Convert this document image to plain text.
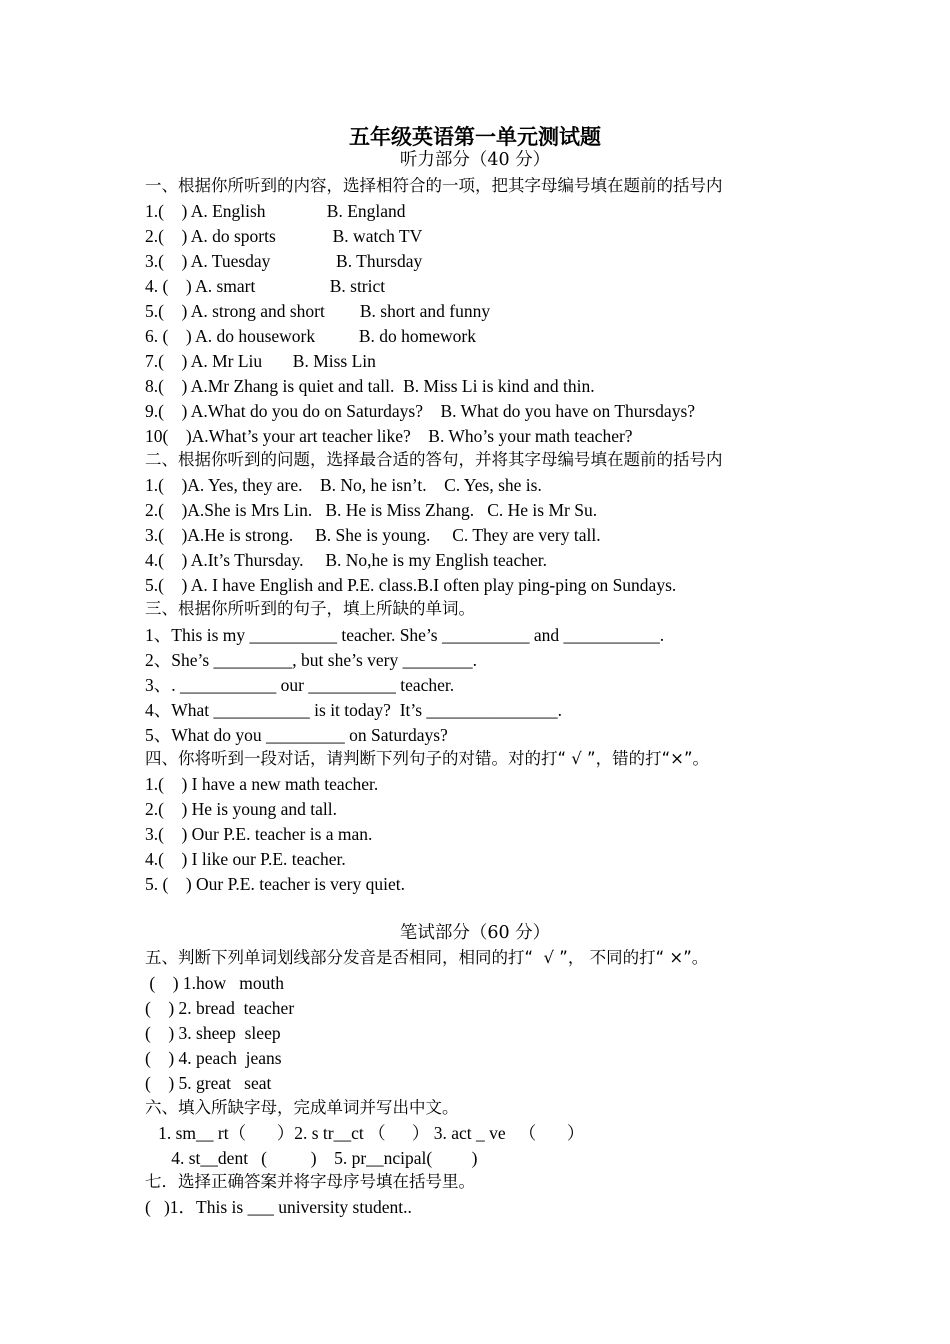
五年级英语第一单元测试题
听力部分（40 分）
一、根据你所听到的内容，选择相符合的一项，把其字母编号填在题前的括号内
1.(    ) A. English              B. England
2.(    ) A. do sports             B. watch TV
3.(    ) A. Tuesday               B. Thursday
4. (    ) A. smart                 B. strict
5.(    ) A. strong and short        B. short and funny
6. (    ) A. do housework          B. do homework
7.(    ) A. Mr Liu       B. Miss Lin
8.(    ) A.Mr Zhang is quiet and tall.  B. Miss Li is kind and thin.
9.(    ) A.What do you do on Saturdays?    B. What do you have on Thursdays?
10(    )A.What’s your art teacher like?    B. Who’s your math teacher?
二、根据你听到的问题，选择最合适的答句，并将其字母编号填在题前的括号内
1.(    )A. Yes, they are.    B. No, he isn’t.    C. Yes, she is.
2.(    )A.She is Mrs Lin.   B. He is Miss Zhang.   C. He is Mr Su.
3.(    )A.He is strong.     B. She is young.     C. They are very tall.
4.(    ) A.It’s Thursday.     B. No,he is my English teacher.
5.(    ) A. I have English and P.E. class.B.I often play ping-ping on Sundays.
三、根据你所听到的句子，填上所缺的单词。
1、This is my __________ teacher. She’s __________ and ___________.
2、She’s _________, but she’s very ________.
3、. ___________ our __________ teacher.
4、What ___________ is it today?  It’s _______________.
5、What do you _________ on Saturdays?
四、你将听到一段对话，请判断下列句子的对错。对的打“ √ ”，错的打“×”。
1.(    ) I have a new math teacher.
2.(    ) He is young and tall.
3.(    ) Our P.E. teacher is a man.
4.(    ) I like our P.E. teacher.
5. (    ) Our P.E. teacher is very quiet.
笔试部分（60 分）
五、判断下列单词划线部分发音是否相同，相同的打“  √ ”， 不同的打“ ×”。
(    ) 1.how   mouth
(    ) 2. bread  teacher
(    ) 3. sheep  sleep
(    ) 4. peach  jeans
(    ) 5. great   seat
六、填入所缺字母，完成单词并写出中文。
1. sm__ rt（       ）2. s tr__ct （      ） 3. act _ ve   （       ）
4. st__dent   (          )    5. pr__ncipal(         )
七．选择正确答案并将字母序号填在括号里。
(   )1．This is ___ university student..
